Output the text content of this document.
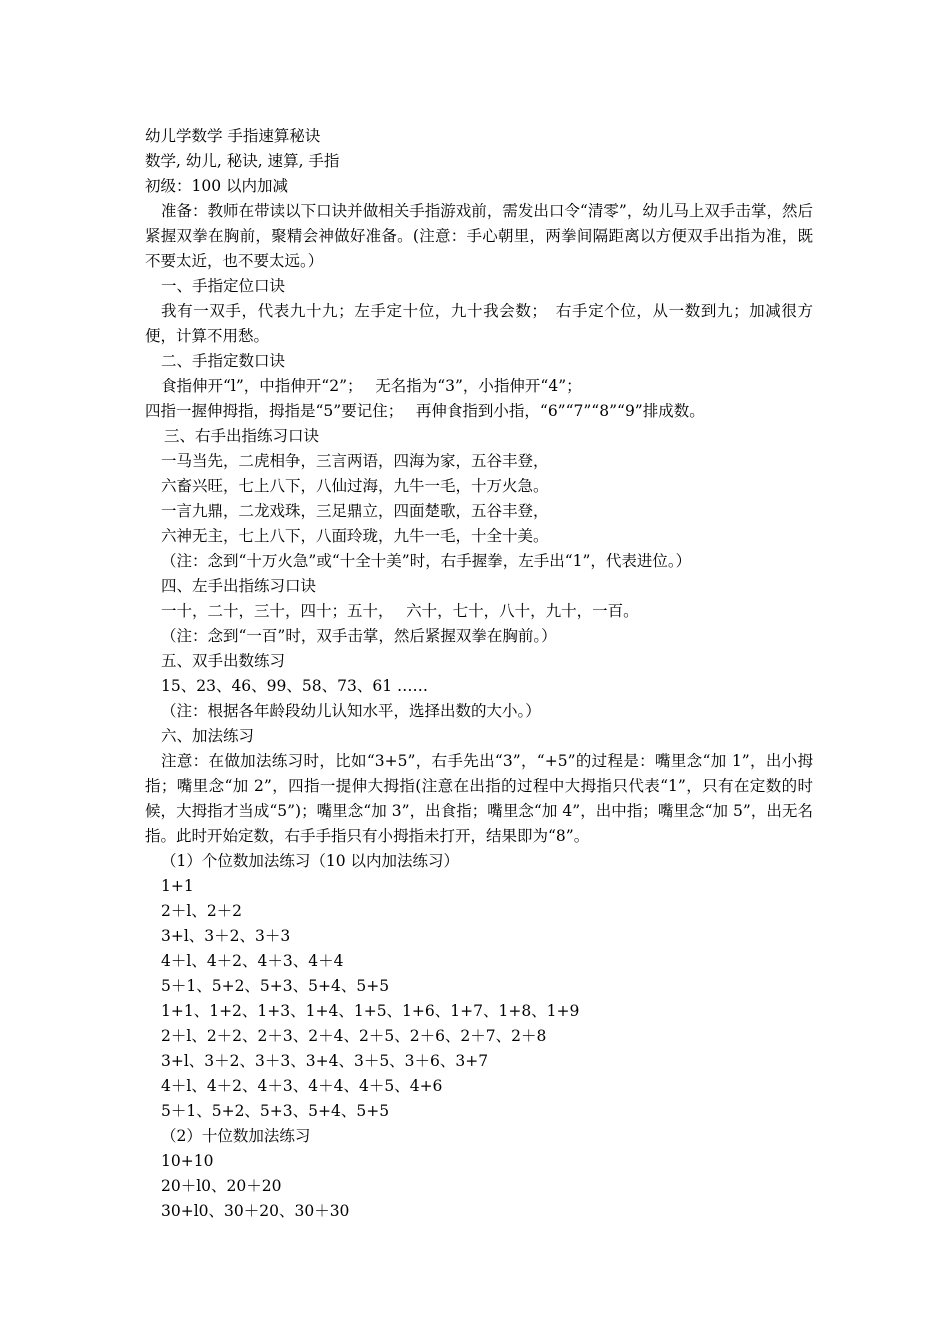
幼儿学数学 手指速算秘诀
数学, 幼儿, 秘诀, 速算, 手指
初级：100 以内加减
准备：教师在带读以下口诀并做相关手指游戏前，需发出口令“清零”，幼儿马上双手击掌，然后紧握双拳在胸前，聚精会神做好准备。(注意：手心朝里，两拳间隔距离以方便双手出指为准，既不要太近，也不要太远。）
一、手指定位口诀
我有一双手，代表九十九；左手定十位，九十我会数；　右手定个位，从一数到九；加减很方便，计算不用愁。
二、手指定数口诀
食指伸开“l”，中指伸开“2”；　 无名指为“3”，小指伸开“4”；
四指一握伸拇指，拇指是“5”要记住；　 再伸食指到小指，“6”“7”“8”“9”排成数。
三、右手出指练习口诀
一马当先，二虎相争，三言两语，四海为家，五谷丰登，
六畜兴旺，七上八下，八仙过海，九牛一毛，十万火急。
一言九鼎，二龙戏珠，三足鼎立，四面楚歌，五谷丰登，
六神无主，七上八下，八面玲珑，九牛一毛，十全十美。
（注：念到“十万火急”或“十全十美”时，右手握拳，左手出“1”，代表进位。）
四、左手出指练习口诀
一十，二十，三十，四十；五十，　 六十，七十，八十，九十，一百。
（注：念到“一百”时，双手击掌，然后紧握双拳在胸前。）
五、双手出数练习
15、23、46、99、58、73、61 ……
（注：根据各年龄段幼儿认知水平，选择出数的大小。）
六、加法练习
注意：在做加法练习时，比如“3+5”，右手先出“3”，“+5”的过程是：嘴里念“加 1”，出小拇指；嘴里念“加 2”，四指一提伸大拇指(注意在出指的过程中大拇指只代表“1”，只有在定数的时候，大拇指才当成“5”)；嘴里念“加 3”，出食指；嘴里念“加 4”，出中指；嘴里念“加 5”，出无名指。此时开始定数，右手手指只有小拇指未打开，结果即为“8”。
（1）个位数加法练习（10 以内加法练习）
1+1
2＋l、2＋2
3+l、3＋2、3＋3
4＋l、4＋2、4＋3、4＋4
5＋1、5+2、5+3、5+4、5+5
1+1、1+2、1+3、1+4、1+5、1+6、1+7、1+8、1+9
2＋l、2＋2、2＋3、2＋4、2＋5、2＋6、2＋7、2＋8
3+l、3＋2、3＋3、3+4、3＋5、3＋6、3+7
4＋l、4＋2、4＋3、4＋4、4＋5、4+6
5＋1、5+2、5+3、5+4、5+5
（2）十位数加法练习
10+10
20＋l0、20＋20
30+l0、30＋20、30＋30
